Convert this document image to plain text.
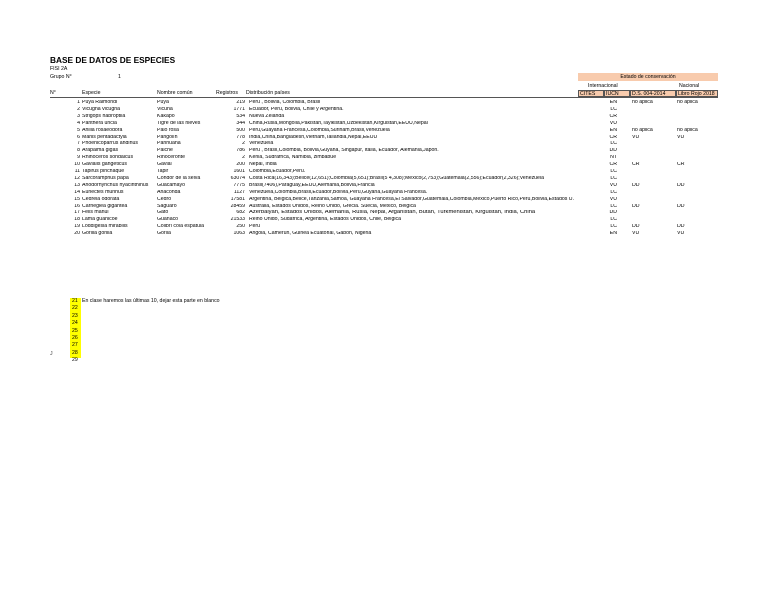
BASE DE DATOS DE ESPECIES
FISI 2A
Grupo N°	1	Estado de conservación
Internacional	Nacional
CITES	IUCN	D.S. 004-2014	Libro Rojo 2018
N°	Especie	Nombre común	Registros Distribución países
1 Puya Raimondi	Puya	219 Perú , Bolivia, Colombia, Brasil	EN	no aplica	no aplica
2 Vicugna vicugna	Vicuña	1771 Ecuador, Perú, Bolivia, Chile y Argentina.	LC
3 Strigops habroptila	Kakapo	534 Nueva Zelanda	CR
4 Panthera uncia	Tigre de las nieves	344 China,Rusia,Mongolia,Pakistan,Tayikistán,Uzbekistan,Kirguistán,EEUU,Nepal	VU
5 Anilia rosaeodora	Palo rosa	500 Perú,Guayana Francesa,Colombia,Surinam,Brasil,Venezuela	EN	no aplica	no aplica
6 Manis pentadactyla	Pangolín	778 India,China,Bangladesh,Vietnam,Tailandia,Nepal,EEUU	CR	VU	VU
7 Phoenicoparrus andinus	Parihuana	2 Venezuela	LC
8 Arapaima gigas	Paiche	786 Perú , Brasil,Colombia, Bolivia,Guyana, Singapur, Italia, Ecuador, Alemania,Japon.	DD
9 Rhinoceros sondaicus	Rinoceronte	2 Kenia, Sudráfrica, Namibia, zimbabue	NT
10 Gavialis gangeticus	Gavial	200 Nepal, India	CR	CR	CR
11 Tapirus pinchaque	Tapir	1601 Colombia,Ecuador,Perú.	LC
12 Sarcoramphus papa	Cóndor de la selva	63074 Costa Rica(16,343);Belice(12,651);Colombia(5,651);Brasil(5 4,308);México(2,753);Guatemala(2,556);Ecuador(2,326);Venezuela	LC
13 Anodorhynchus hyacinthinus	Guacamayo	7775 Brasil(7406),Paraguay,EEUU,Alemania,Bolivia,Francia	VU	DD	DD
14 Eunectes murinus	Anaconda	1127 Venezuela,Colombia,Brasil,Ecuador,Bolivia,Perú,Guyana,Guayana Francesa.	LC
15 Cedrela odorata	Cedro	17581 Argentina, Bélgica,Belice,Tanzania,Samoa, Guayana Francesa,El Salvador,Guatemala,Colombia,México,Puerto Rico,Perú,Bolivia,Estados U.	VU
16 Carnegiea gigantea	Saguaro	28459 Australia, Estados Unidos, Reino Unido, Grecia. Suecia, México, Bélgica	LC	DD	DD
17 Felis manul	Gato	682 Azerbaiyán, Estados Unidos, Alemania, Rusia, Nepal, Afganistán, Bután, Turkmenistán, Kirguistán, India, China	DD
18 Lama guanicoe	Guanaco	21533 Reino Unido, Sudáfrica, Argentina, Estados Unidos, Chile, Bélgica	LC
19 Loddigesia mirabilis	Colibrí cola espátula	250 Perú	LC	DD	DD
20 Gorilla gorilla	Gorila	1063 Angola, Camerún, Guinea Ecuatorial, Gabón, Nigeria	EN	VU	VU
21
22
23
24
25
26
27
28
29
En clase haremos las últimas 10, dejar esta parte en blanco
J
